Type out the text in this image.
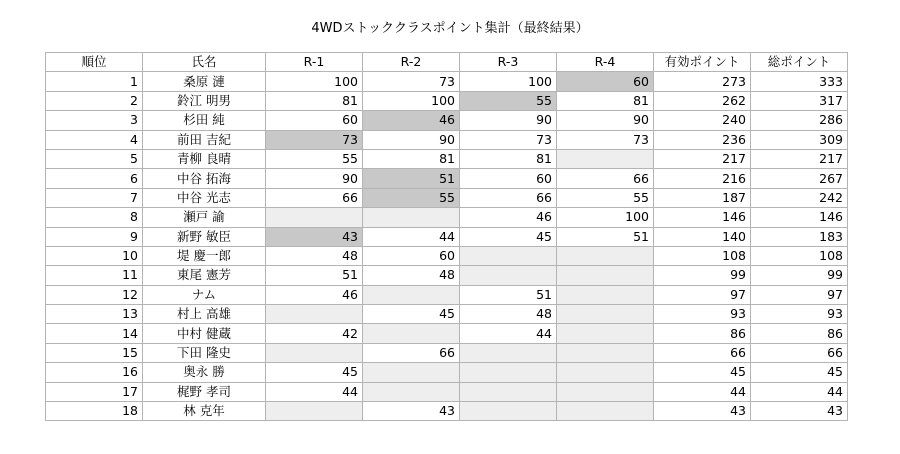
4WDストッククラスポイント集計（最終結果）
順位	氏名	R-1	R-2	R-3	R-4	有効ポイント	総ポイント
1	桑原 漣	100	73	100	60	273	333
2	鈴江 明男	81	100	55	81	262	317
3	杉田 純	60	46	90	90	240	286
4	前田 吉紀	73	90	73	73	236	309
5	青柳 良晴	55	81	81		217	217
6	中谷 拓海	90	51	60	66	216	267
7	中谷 光志	66	55	66	55	187	242
8	瀬戸 諭			46	100	146	146
9	新野 敏臣	43	44	45	51	140	183
10	堤 慶一郎	48	60			108	108
11	東尾 憲芳	51	48			99	99
12	ナム	46		51		97	97
13	村上 高雄		45	48		93	93
14	中村 健蔵	42		44		86	86
15	下田 隆史		66			66	66
16	奥永 勝	45				45	45
17	梶野 孝司	44				44	44
18	林 克年		43			43	43
